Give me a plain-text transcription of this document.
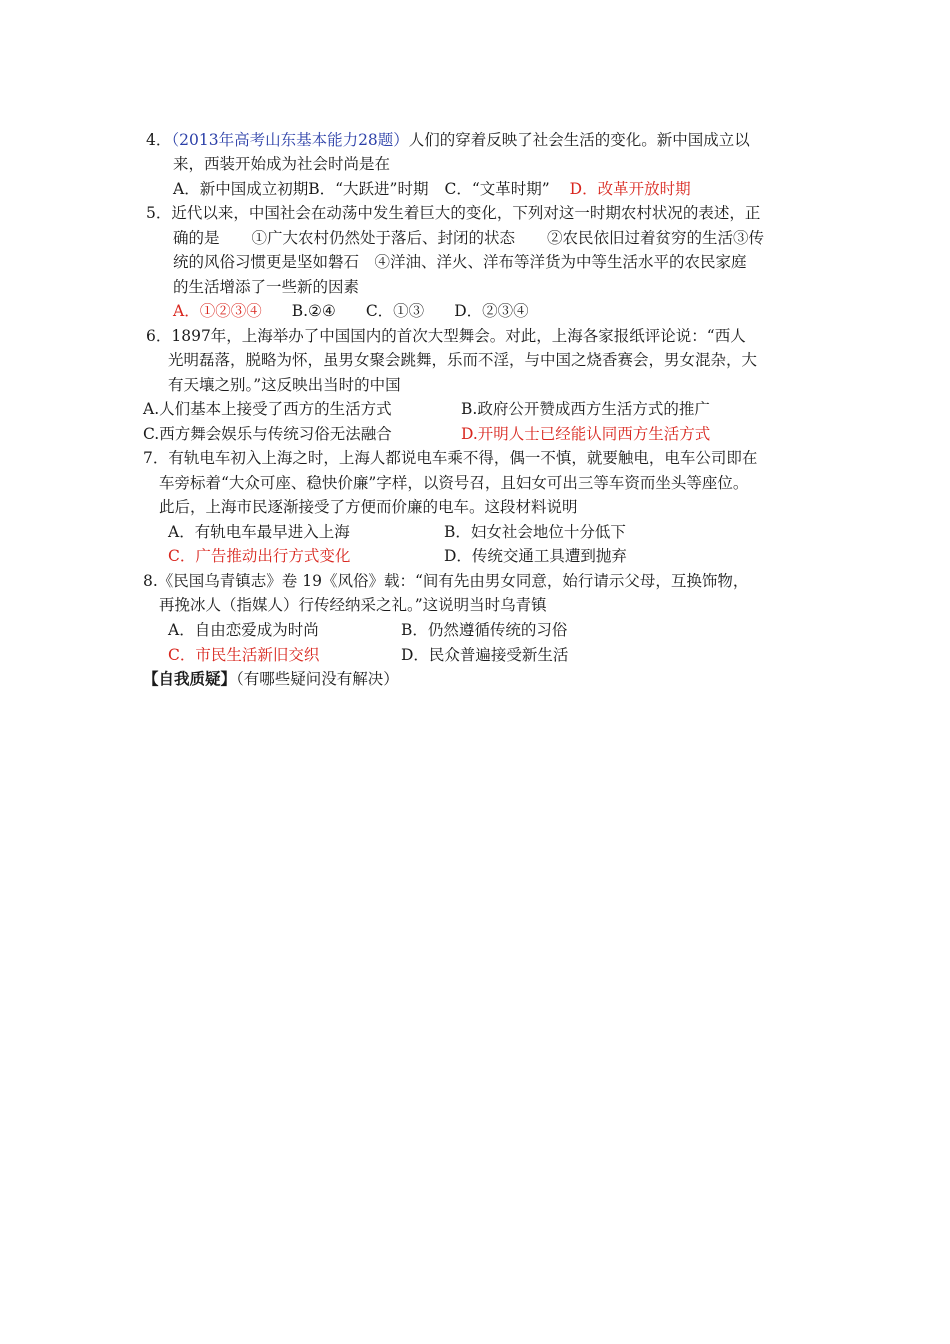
4．（2013年高考山东基本能力28题）人们的穿着反映了社会生活的变化。新中国成立以
来，西装开始成为社会时尚是在
A．新中国成立初期B．“大跃进”时期 C．“文革时期” D．改革开放时期
5．近代以来，中国社会在动荡中发生着巨大的变化，下列对这一时期农村状况的表述，正
确的是 ①广大农村仍然处于落后、封闭的状态 ②农民依旧过着贫穷的生活③传
统的风俗习惯更是坚如磐石　④洋油、洋火、洋布等洋货为中等生活水平的农民家庭
的生活增添了一些新的因素
A．①②③④ B.②④ C．①③ D．②③④
6．1897年，上海举办了中国国内的首次大型舞会。对此，上海各家报纸评论说：“西人
光明磊落，脱略为怀，虽男女聚会跳舞，乐而不淫，与中国之烧香赛会，男女混杂，大
有天壤之别。”这反映出当时的中国
A.人们基本上接受了西方的生活方式	B.政府公开赞成西方生活方式的推广
C.西方舞会娱乐与传统习俗无法融合	D.开明人士已经能认同西方生活方式
7．有轨电车初入上海之时，上海人都说电车乘不得，偶一不慎，就要触电，电车公司即在
车旁标着“大众可座、稳快价廉”字样，以资号召，且妇女可出三等车资而坐头等座位。
此后，上海市民逐渐接受了方便而价廉的电车。这段材料说明
A．有轨电车最早进入上海	B．妇女社会地位十分低下
C．广告推动出行方式变化	D．传统交通工具遭到抛弃
8.《民国乌青镇志》卷 19《风俗》载：“间有先由男女同意，始行请示父母，互换饰物，
再挽冰人（指媒人）行传经纳采之礼。”这说明当时乌青镇
A．自由恋爱成为时尚	B．仍然遵循传统的习俗
C．市民生活新旧交织	D．民众普遍接受新生活
【自我质疑】（有哪些疑问没有解决）
